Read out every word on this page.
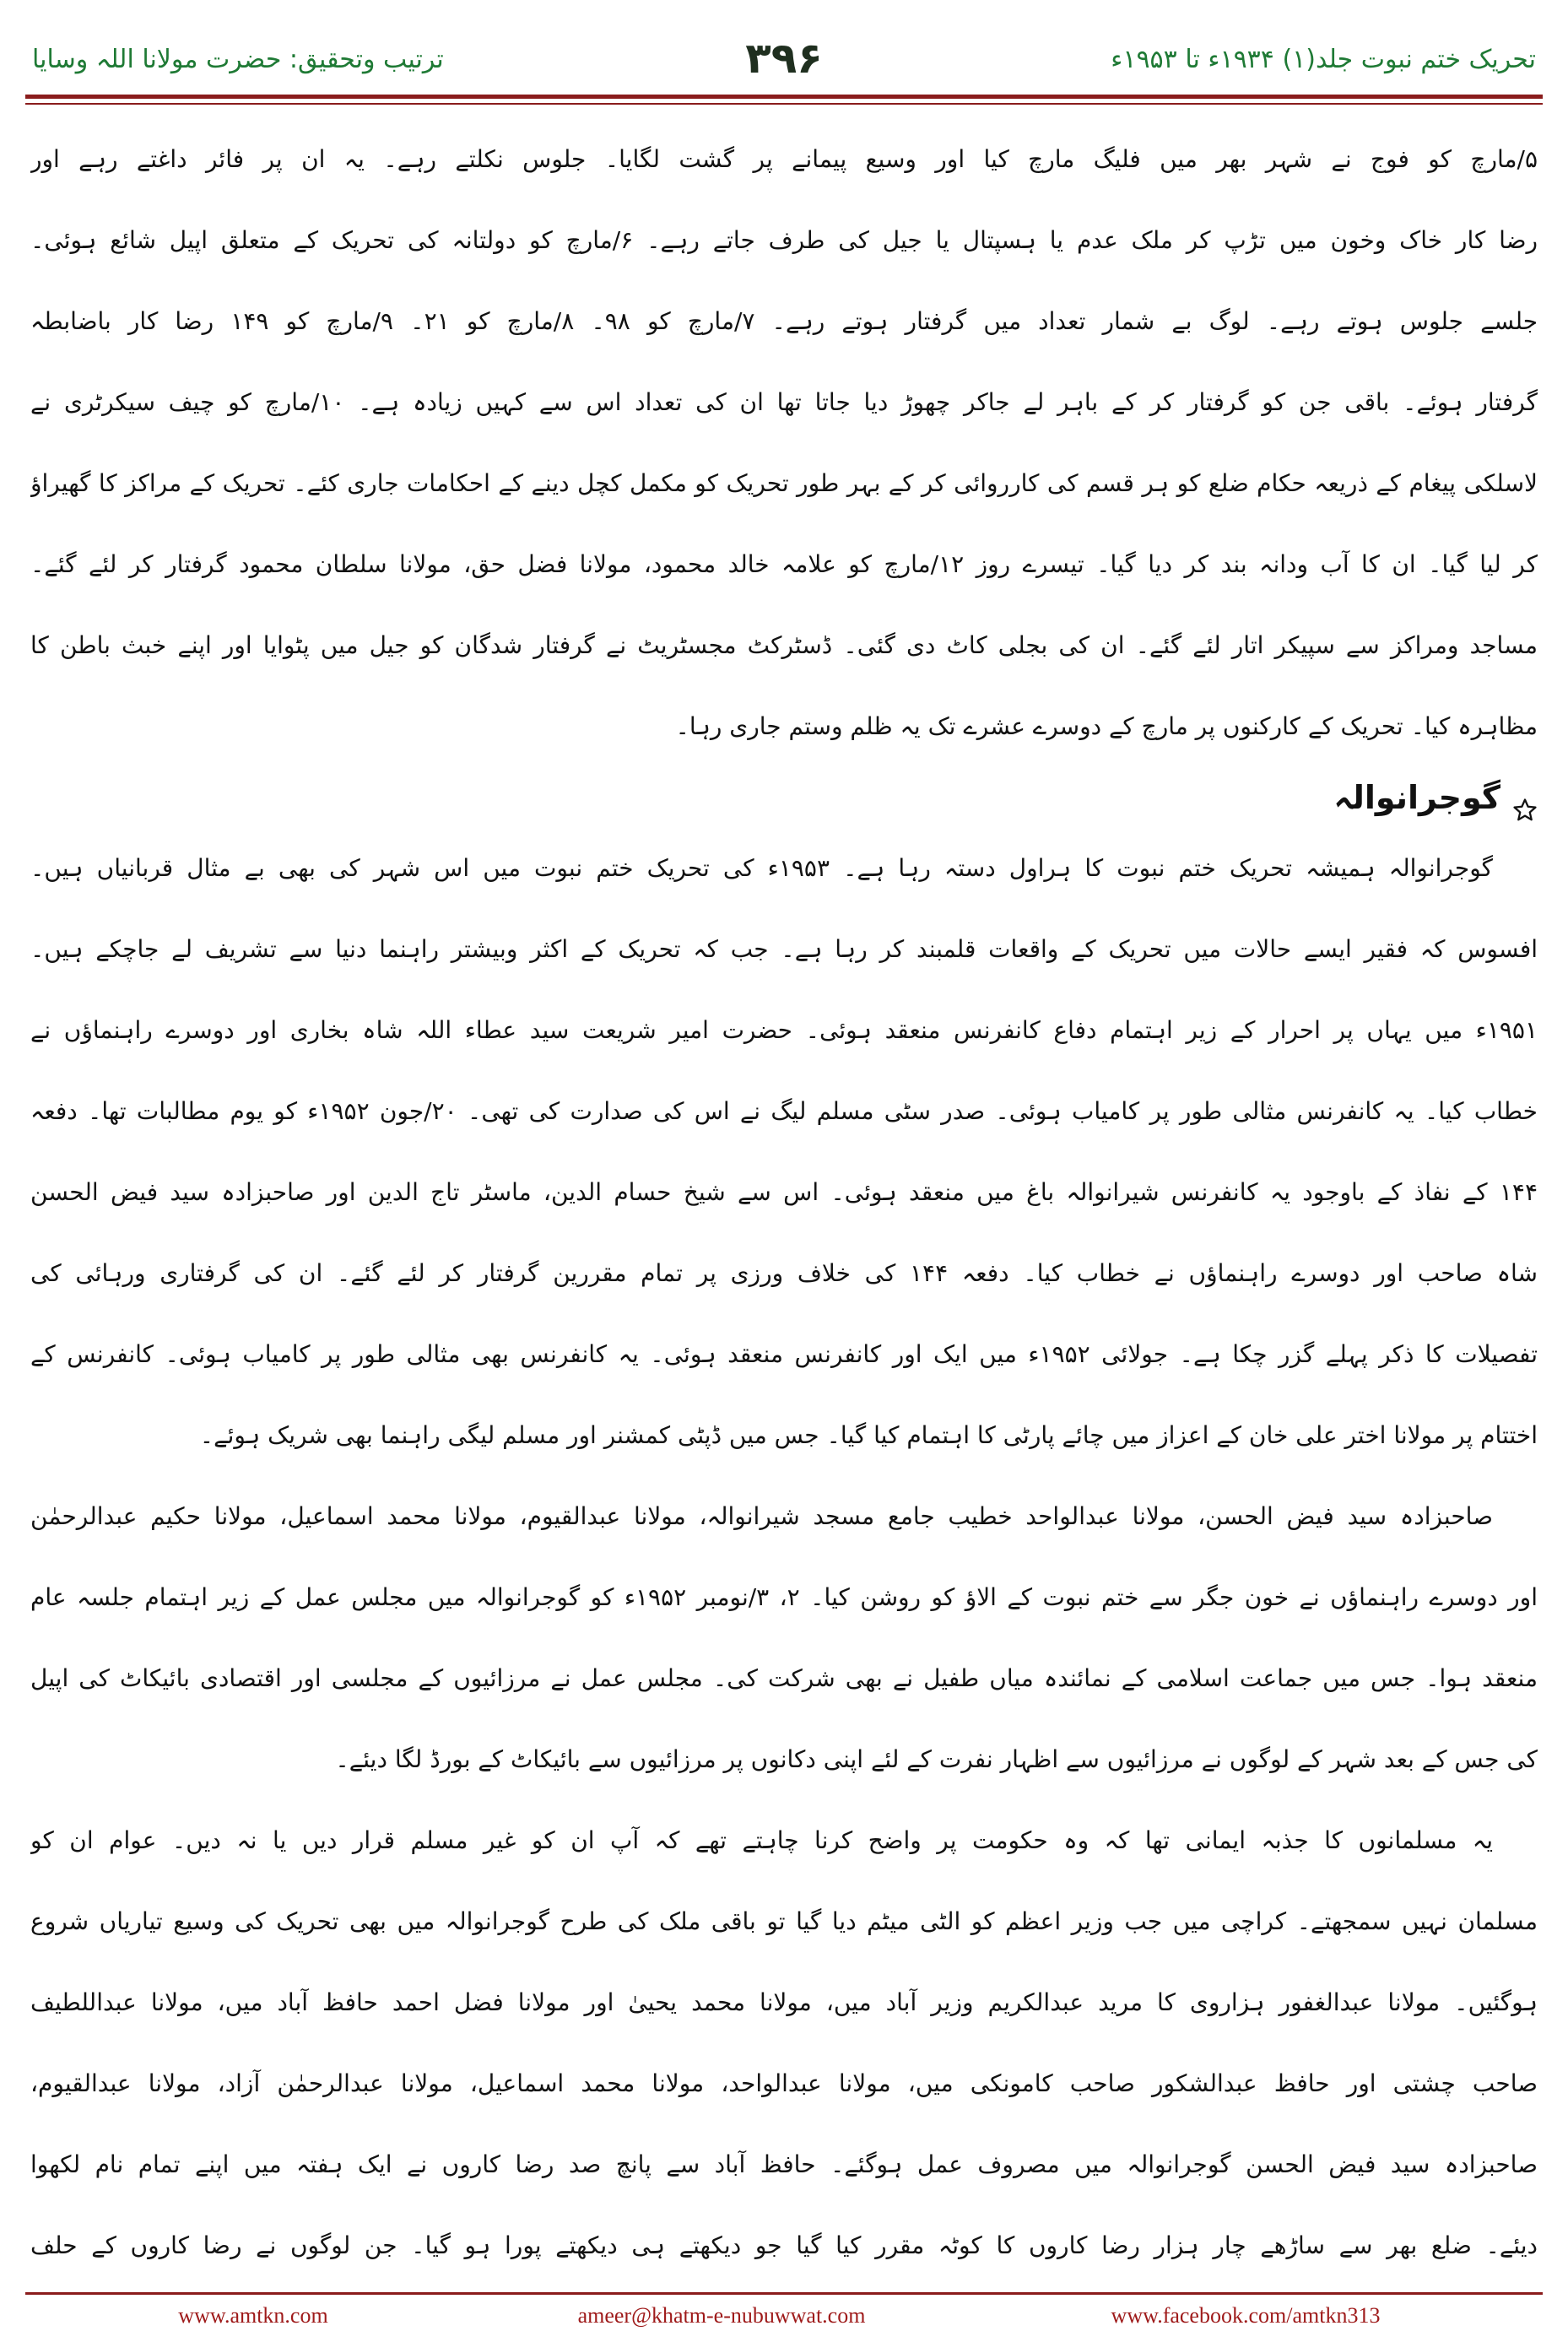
تحریک ختم نبوت جلد(۱) ۱۹۳۴ء تا ۱۹۵۳ء
۳۹۶
ترتیب وتحقیق: حضرت مولانا اللہ وسایا
۵/مارچ کو فوج نے شہر بھر میں فلیگ مارچ کیا اور وسیع پیمانے پر گشت لگایا۔ جلوس نکلتے رہے۔ یہ ان پر فائر داغتے رہے اور
رضا کار خاک وخون میں تڑپ کر ملک عدم یا ہسپتال یا جیل کی طرف جاتے رہے۔ ۶/مارچ کو دولتانہ کی تحریک کے متعلق اپیل شائع ہوئی۔
جلسے جلوس ہوتے رہے۔ لوگ بے شمار تعداد میں گرفتار ہوتے رہے۔ ۷/مارچ کو ۹۸۔ ۸/مارچ کو ۲۱۔ ۹/مارچ کو ۱۴۹ رضا کار باضابطہ
گرفتار ہوئے۔ باقی جن کو گرفتار کر کے باہر لے جاکر چھوڑ دیا جاتا تھا ان کی تعداد اس سے کہیں زیادہ ہے۔ ۱۰/مارچ کو چیف سیکرٹری نے
لاسلکی پیغام کے ذریعہ حکام ضلع کو ہر قسم کی کارروائی کر کے بہر طور تحریک کو مکمل کچل دینے کے احکامات جاری کئے۔ تحریک کے مراکز کا گھیراؤ
کر لیا گیا۔ ان کا آب ودانہ بند کر دیا گیا۔ تیسرے روز ۱۲/مارچ کو علامہ خالد محمود، مولانا فضل حق، مولانا سلطان محمود گرفتار کر لئے گئے۔
مساجد ومراکز سے سپیکر اتار لئے گئے۔ ان کی بجلی کاٹ دی گئی۔ ڈسٹرکٹ مجسٹریٹ نے گرفتار شدگان کو جیل میں پٹوایا اور اپنے خبث باطن کا
مظاہرہ کیا۔ تحریک کے کارکنوں پر مارچ کے دوسرے عشرے تک یہ ظلم وستم جاری رہا۔
گوجرانوالہ
گوجرانوالہ ہمیشہ تحریک ختم نبوت کا ہراول دستہ رہا ہے۔ ۱۹۵۳ء کی تحریک ختم نبوت میں اس شہر کی بھی بے مثال قربانیاں ہیں۔
افسوس کہ فقیر ایسے حالات میں تحریک کے واقعات قلمبند کر رہا ہے۔ جب کہ تحریک کے اکثر وبیشتر راہنما دنیا سے تشریف لے جاچکے ہیں۔
۱۹۵۱ء میں یہاں پر احرار کے زیر اہتمام دفاع کانفرنس منعقد ہوئی۔ حضرت امیر شریعت سید عطاء اللہ شاہ بخاری اور دوسرے راہنماؤں نے
خطاب کیا۔ یہ کانفرنس مثالی طور پر کامیاب ہوئی۔ صدر سٹی مسلم لیگ نے اس کی صدارت کی تھی۔ ۲۰/جون ۱۹۵۲ء کو یوم مطالبات تھا۔ دفعہ
۱۴۴ کے نفاذ کے باوجود یہ کانفرنس شیرانوالہ باغ میں منعقد ہوئی۔ اس سے شیخ حسام الدین، ماسٹر تاج الدین اور صاحبزادہ سید فیض الحسن
شاہ صاحب اور دوسرے راہنماؤں نے خطاب کیا۔ دفعہ ۱۴۴ کی خلاف ورزی پر تمام مقررین گرفتار کر لئے گئے۔ ان کی گرفتاری ورہائی کی
تفصیلات کا ذکر پہلے گزر چکا ہے۔ جولائی ۱۹۵۲ء میں ایک اور کانفرنس منعقد ہوئی۔ یہ کانفرنس بھی مثالی طور پر کامیاب ہوئی۔ کانفرنس کے
اختتام پر مولانا اختر علی خان کے اعزاز میں چائے پارٹی کا اہتمام کیا گیا۔ جس میں ڈپٹی کمشنر اور مسلم لیگی راہنما بھی شریک ہوئے۔
صاحبزادہ سید فیض الحسن، مولانا عبدالواحد خطیب جامع مسجد شیرانوالہ، مولانا عبدالقیوم، مولانا محمد اسماعیل، مولانا حکیم عبدالرحمٰن
اور دوسرے راہنماؤں نے خون جگر سے ختم نبوت کے الاؤ کو روشن کیا۔ ۲، ۳/نومبر ۱۹۵۲ء کو گوجرانوالہ میں مجلس عمل کے زیر اہتمام جلسہ عام
منعقد ہوا۔ جس میں جماعت اسلامی کے نمائندہ میاں طفیل نے بھی شرکت کی۔ مجلس عمل نے مرزائیوں کے مجلسی اور اقتصادی بائیکاٹ کی اپیل
کی جس کے بعد شہر کے لوگوں نے مرزائیوں سے اظہار نفرت کے لئے اپنی دکانوں پر مرزائیوں سے بائیکاٹ کے بورڈ لگا دیئے۔
یہ مسلمانوں کا جذبہ ایمانی تھا کہ وہ حکومت پر واضح کرنا چاہتے تھے کہ آپ ان کو غیر مسلم قرار دیں یا نہ دیں۔ عوام ان کو
مسلمان نہیں سمجھتے۔ کراچی میں جب وزیر اعظم کو الٹی میٹم دیا گیا تو باقی ملک کی طرح گوجرانوالہ میں بھی تحریک کی وسیع تیاریاں شروع
ہوگئیں۔ مولانا عبدالغفور ہزاروی کا مرید عبدالکریم وزیر آباد میں، مولانا محمد یحییٰ اور مولانا فضل احمد حافظ آباد میں، مولانا عبداللطیف
صاحب چشتی اور حافظ عبدالشکور صاحب کامونکی میں، مولانا عبدالواحد، مولانا محمد اسماعیل، مولانا عبدالرحمٰن آزاد، مولانا عبدالقیوم،
صاحبزادہ سید فیض الحسن گوجرانوالہ میں مصروف عمل ہوگئے۔ حافظ آباد سے پانچ صد رضا کاروں نے ایک ہفتہ میں اپنے تمام نام لکھوا
دیئے۔ ضلع بھر سے ساڑھے چار ہزار رضا کاروں کا کوٹہ مقرر کیا گیا جو دیکھتے ہی دیکھتے پورا ہو گیا۔ جن لوگوں نے رضا کاروں کے حلف
www.amtkn.com	ameer@khatm-e-nubuwwat.com	www.facebook.com/amtkn313
